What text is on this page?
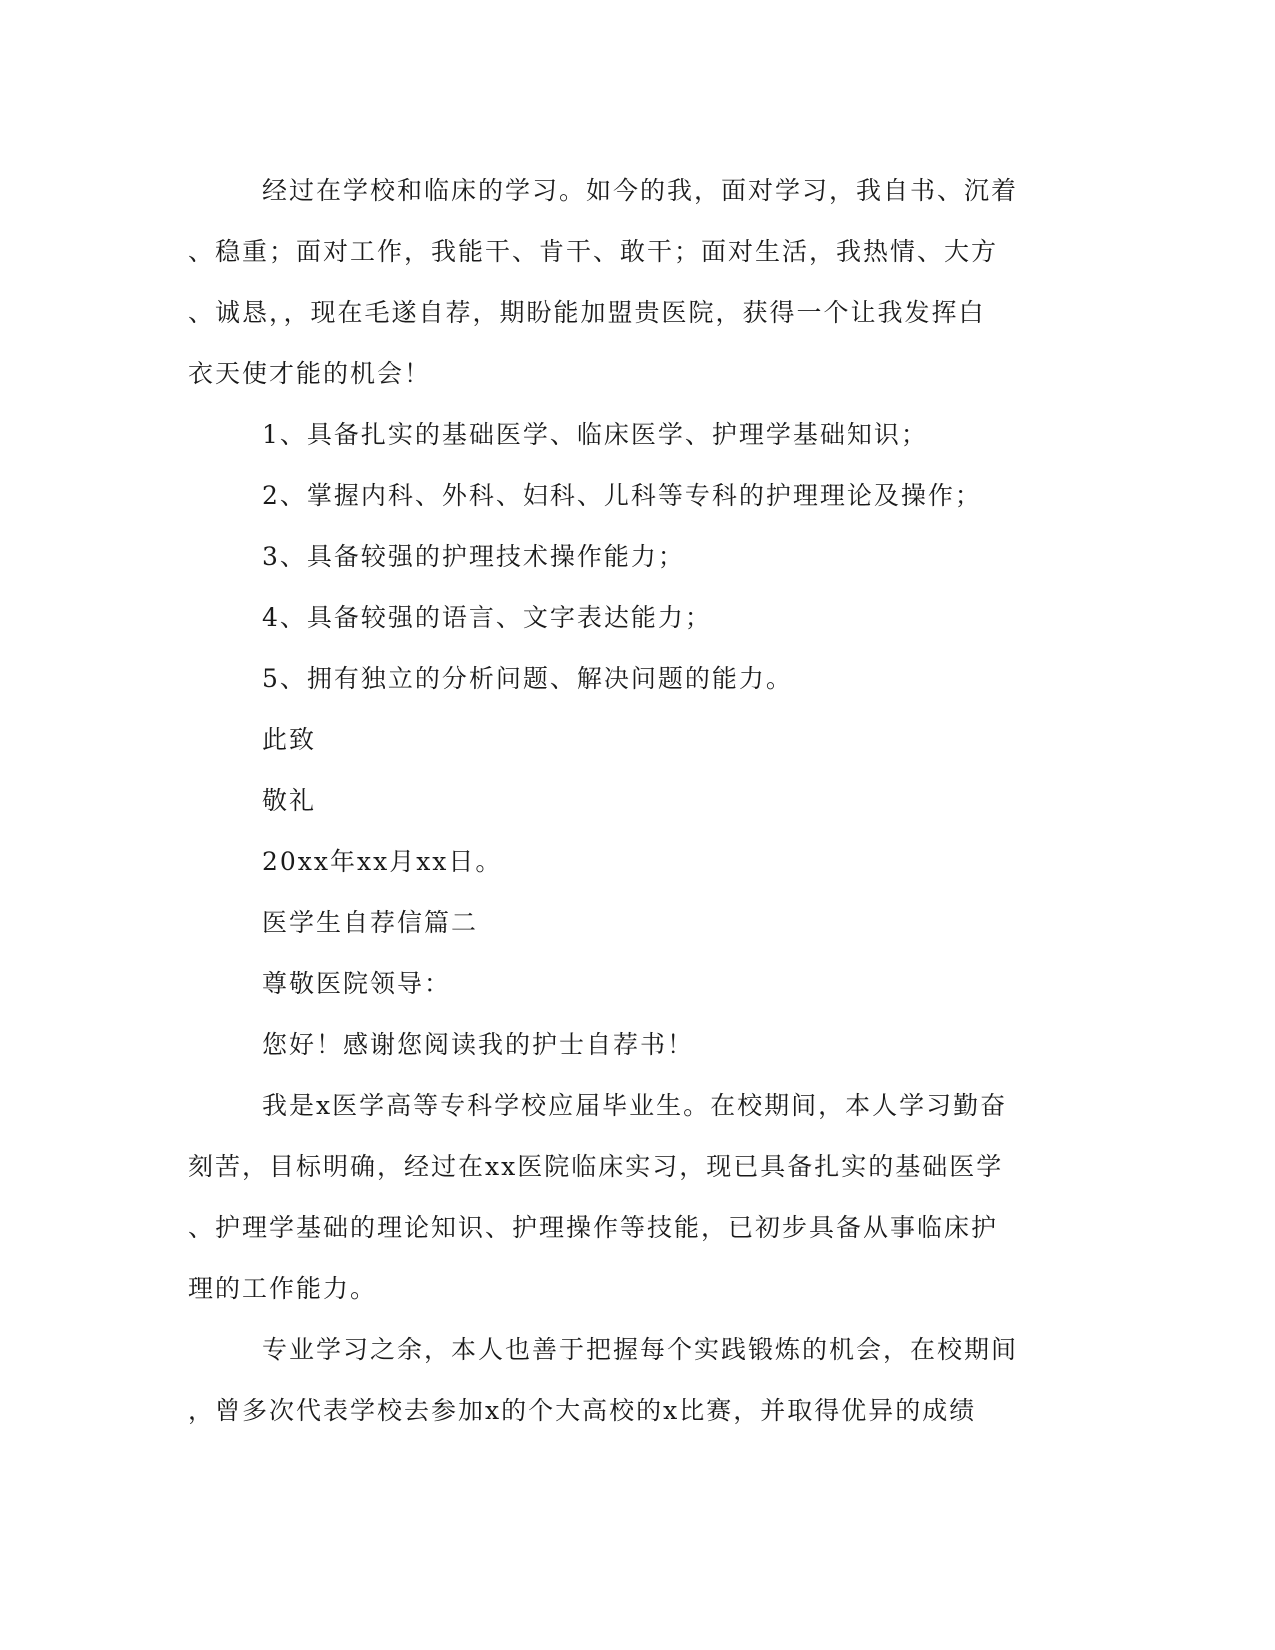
经过在学校和临床的学习。如今的我，面对学习，我自书、沉着
、稳重；面对工作，我能干、肯干、敢干；面对生活，我热情、大方
、诚恳，，现在毛遂自荐，期盼能加盟贵医院，获得一个让我发挥白
衣天使才能的机会！
1、具备扎实的基础医学、临床医学、护理学基础知识；
2、掌握内科、外科、妇科、儿科等专科的护理理论及操作；
3、具备较强的护理技术操作能力；
4、具备较强的语言、文字表达能力；
5、拥有独立的分析问题、解决问题的能力。
此致
敬礼
20xx年xx月xx日。
医学生自荐信篇二
尊敬医院领导：
您好！感谢您阅读我的护士自荐书！
我是x医学高等专科学校应届毕业生。在校期间，本人学习勤奋
刻苦，目标明确，经过在xx医院临床实习，现已具备扎实的基础医学
、护理学基础的理论知识、护理操作等技能，已初步具备从事临床护
理的工作能力。
专业学习之余，本人也善于把握每个实践锻炼的机会，在校期间
，曾多次代表学校去参加x的个大高校的x比赛，并取得优异的成绩
